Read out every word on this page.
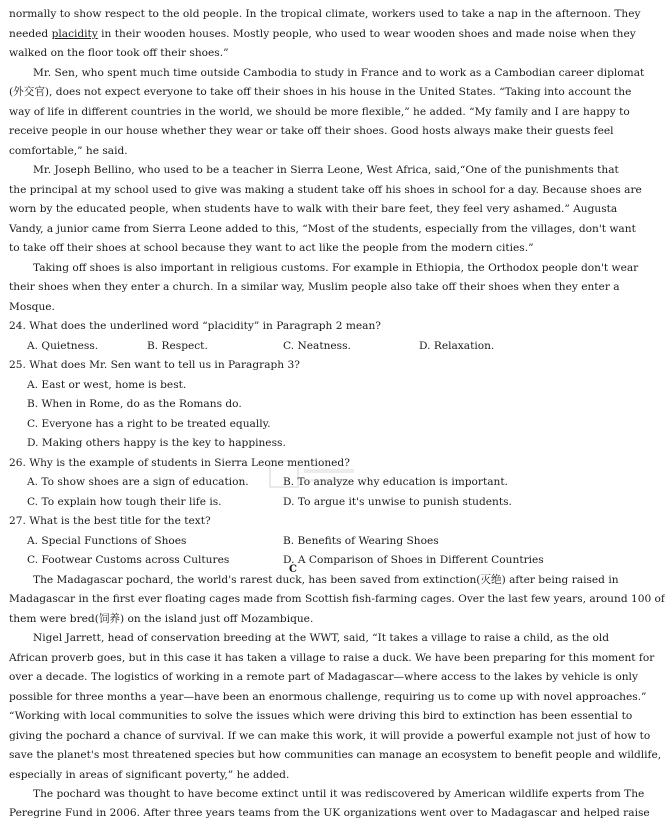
normally to show respect to the old people. In the tropical climate, workers used to take a nap in the afternoon. They
needed placidity in their wooden houses. Mostly people, who used to wear wooden shoes and made noise when they
walked on the floor took off their shoes.”
Mr. Sen, who spent much time outside Cambodia to study in France and to work as a Cambodian career diplomat
(外交官), does not expect everyone to take off their shoes in his house in the United States. “Taking into account the
way of life in different countries in the world, we should be more flexible,” he added. “My family and I are happy to
receive people in our house whether they wear or take off their shoes. Good hosts always make their guests feel
comfortable,” he said.
Mr. Joseph Bellino, who used to be a teacher in Sierra Leone, West Africa, said,“One of the punishments that
the principal at my school used to give was making a student take off his shoes in school for a day. Because shoes are
worn by the educated people, when students have to walk with their bare feet, they feel very ashamed.” Augusta
Vandy, a junior came from Sierra Leone added to this, “Most of the students, especially from the villages, don't want
to take off their shoes at school because they want to act like the people from the modern cities.”
Taking off shoes is also important in religious customs. For example in Ethiopia, the Orthodox people don't wear
their shoes when they enter a church. In a similar way, Muslim people also take off their shoes when they enter a
Mosque.
24. What does the underlined word “placidity” in Paragraph 2 mean?
A. Quietness.	B. Respect.	C. Neatness.	D. Relaxation.
25. What does Mr. Sen want to tell us in Paragraph 3?
A. East or west, home is best.
B. When in Rome, do as the Romans do.
C. Everyone has a right to be treated equally.
D. Making others happy is the key to happiness.
26. Why is the example of students in Sierra Leone mentioned?
A. To show shoes are a sign of education.	B. To analyze why education is important.
C. To explain how tough their life is.	D. To argue it's unwise to punish students.
27. What is the best title for the text?
A. Special Functions of Shoes	B. Benefits of Wearing Shoes
C. Footwear Customs across Cultures	D. A Comparison of Shoes in Different Countries
C
The Madagascar pochard, the world's rarest duck, has been saved from extinction(灭绝) after being raised in
Madagascar in the first ever floating cages made from Scottish fish-farming cages. Over the last few years, around 100 of
them were bred(饲养) on the island just off Mozambique.
Nigel Jarrett, head of conservation breeding at the WWT, said, “It takes a village to raise a child, as the old
African proverb goes, but in this case it has taken a village to raise a duck. We have been preparing for this moment for
over a decade. The logistics of working in a remote part of Madagascar—where access to the lakes by vehicle is only
possible for three months a year—have been an enormous challenge, requiring us to come up with novel approaches.”
“Working with local communities to solve the issues which were driving this bird to extinction has been essential to
giving the pochard a chance of survival. If we can make this work, it will provide a powerful example not just of how to
save the planet's most threatened species but how communities can manage an ecosystem to benefit people and wildlife,
especially in areas of significant poverty,” he added.
The pochard was thought to have become extinct until it was rediscovered by American wildlife experts from The
Peregrine Fund in 2006. After three years teams from the UK organizations went over to Madagascar and helped raise
